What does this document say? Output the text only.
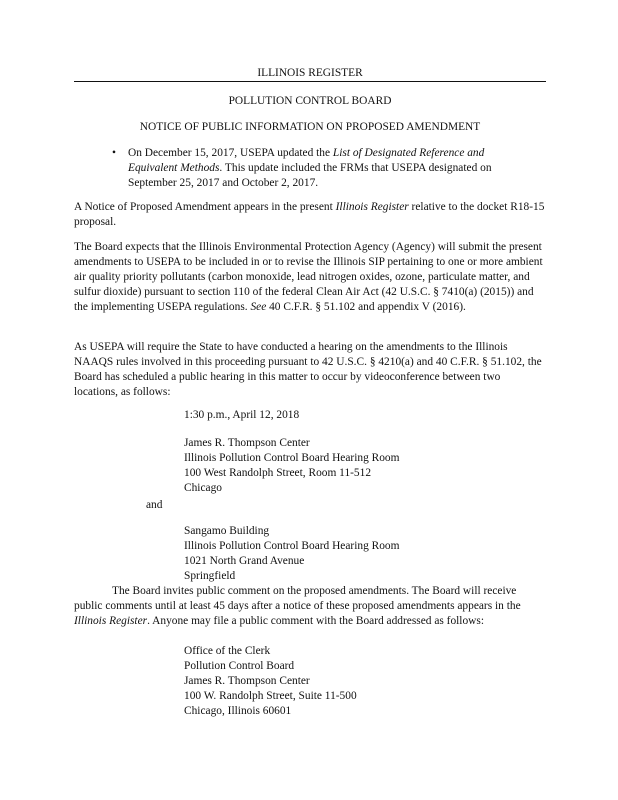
ILLINOIS REGISTER
POLLUTION CONTROL BOARD
NOTICE OF PUBLIC INFORMATION ON PROPOSED AMENDMENT
• On December 15, 2017, USEPA updated the List of Designated Reference and Equivalent Methods. This update included the FRMs that USEPA designated on September 25, 2017 and October 2, 2017.

A Notice of Proposed Amendment appears in the present Illinois Register relative to the docket R18-15 proposal.

The Board expects that the Illinois Environmental Protection Agency (Agency) will submit the present amendments to USEPA to be included in or to revise the Illinois SIP pertaining to one or more ambient air quality priority pollutants (carbon monoxide, lead nitrogen oxides, ozone, particulate matter, and sulfur dioxide) pursuant to section 110 of the federal Clean Air Act (42 U.S.C. § 7410(a) (2015)) and the implementing USEPA regulations. See 40 C.F.R. § 51.102 and appendix V (2016).

As USEPA will require the State to have conducted a hearing on the amendments to the Illinois NAAQS rules involved in this proceeding pursuant to 42 U.S.C. § 4210(a) and 40 C.F.R. § 51.102, the Board has scheduled a public hearing in this matter to occur by videoconference between two locations, as follows:

1:30 p.m., April 12, 2018
James R. Thompson Center
Illinois Pollution Control Board Hearing Room
100 West Randolph Street, Room 11-512
Chicago
and
Sangamo Building
Illinois Pollution Control Board Hearing Room
1021 North Grand Avenue
Springfield

The Board invites public comment on the proposed amendments. The Board will receive public comments until at least 45 days after a notice of these proposed amendments appears in the Illinois Register. Anyone may file a public comment with the Board addressed as follows:

Office of the Clerk
Pollution Control Board
James R. Thompson Center
100 W. Randolph Street, Suite 11-500
Chicago, Illinois 60601
